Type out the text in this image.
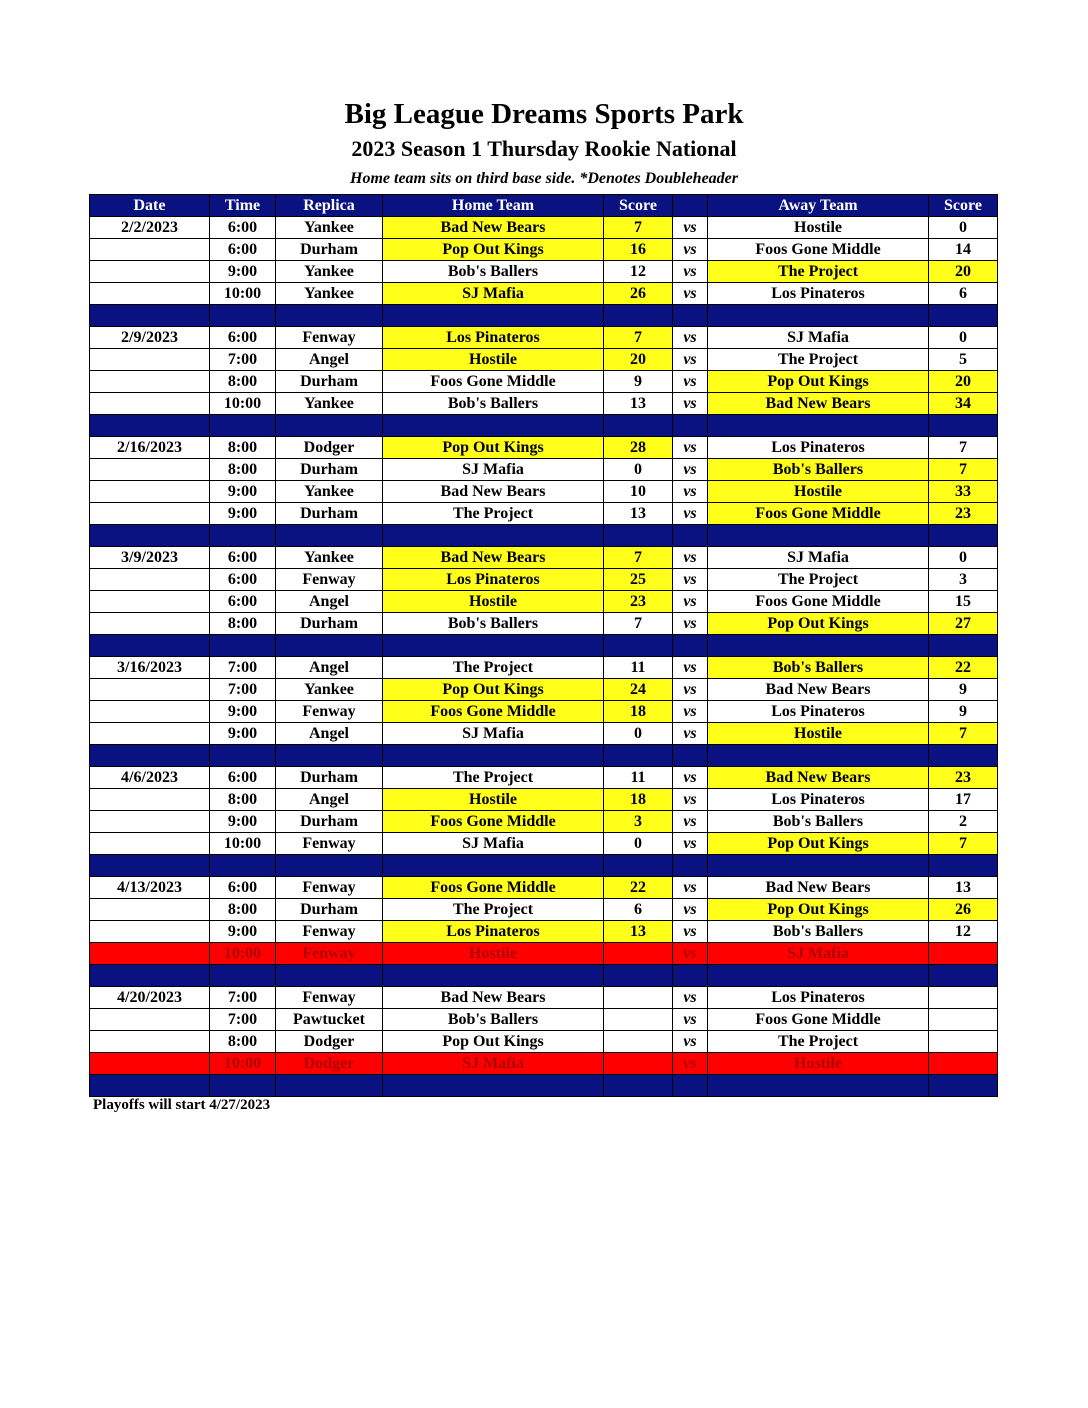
Big League Dreams Sports Park
2023 Season 1 Thursday Rookie National
Home team sits on third base side. *Denotes Doubleheader
Date	Time	Replica	Home Team	Score		Away Team	Score
2/2/2023	6:00	Yankee	Bad New Bears	7	vs	Hostile	0
	6:00	Durham	Pop Out Kings	16	vs	Foos Gone Middle	14
	9:00	Yankee	Bob's Ballers	12	vs	The Project	20
	10:00	Yankee	SJ Mafia	26	vs	Los Pinateros	6

2/9/2023	6:00	Fenway	Los Pinateros	7	vs	SJ Mafia	0
	7:00	Angel	Hostile	20	vs	The Project	5
	8:00	Durham	Foos Gone Middle	9	vs	Pop Out Kings	20
	10:00	Yankee	Bob's Ballers	13	vs	Bad New Bears	34

2/16/2023	8:00	Dodger	Pop Out Kings	28	vs	Los Pinateros	7
	8:00	Durham	SJ Mafia	0	vs	Bob's Ballers	7
	9:00	Yankee	Bad New Bears	10	vs	Hostile	33
	9:00	Durham	The Project	13	vs	Foos Gone Middle	23

3/9/2023	6:00	Yankee	Bad New Bears	7	vs	SJ Mafia	0
	6:00	Fenway	Los Pinateros	25	vs	The Project	3
	6:00	Angel	Hostile	23	vs	Foos Gone Middle	15
	8:00	Durham	Bob's Ballers	7	vs	Pop Out Kings	27

3/16/2023	7:00	Angel	The Project	11	vs	Bob's Ballers	22
	7:00	Yankee	Pop Out Kings	24	vs	Bad New Bears	9
	9:00	Fenway	Foos Gone Middle	18	vs	Los Pinateros	9
	9:00	Angel	SJ Mafia	0	vs	Hostile	7

4/6/2023	6:00	Durham	The Project	11	vs	Bad New Bears	23
	8:00	Angel	Hostile	18	vs	Los Pinateros	17
	9:00	Durham	Foos Gone Middle	3	vs	Bob's Ballers	2
	10:00	Fenway	SJ Mafia	0	vs	Pop Out Kings	7

4/13/2023	6:00	Fenway	Foos Gone Middle	22	vs	Bad New Bears	13
	8:00	Durham	The Project	6	vs	Pop Out Kings	26
	9:00	Fenway	Los Pinateros	13	vs	Bob's Ballers	12
	10:00	Fenway	Hostile		vs	SJ Mafia	

4/20/2023	7:00	Fenway	Bad New Bears		vs	Los Pinateros	
	7:00	Pawtucket	Bob's Ballers		vs	Foos Gone Middle	
	8:00	Dodger	Pop Out Kings		vs	The Project	
	10:00	Dodger	SJ Mafia		vs	Hostile	

Playoffs will start 4/27/2023
